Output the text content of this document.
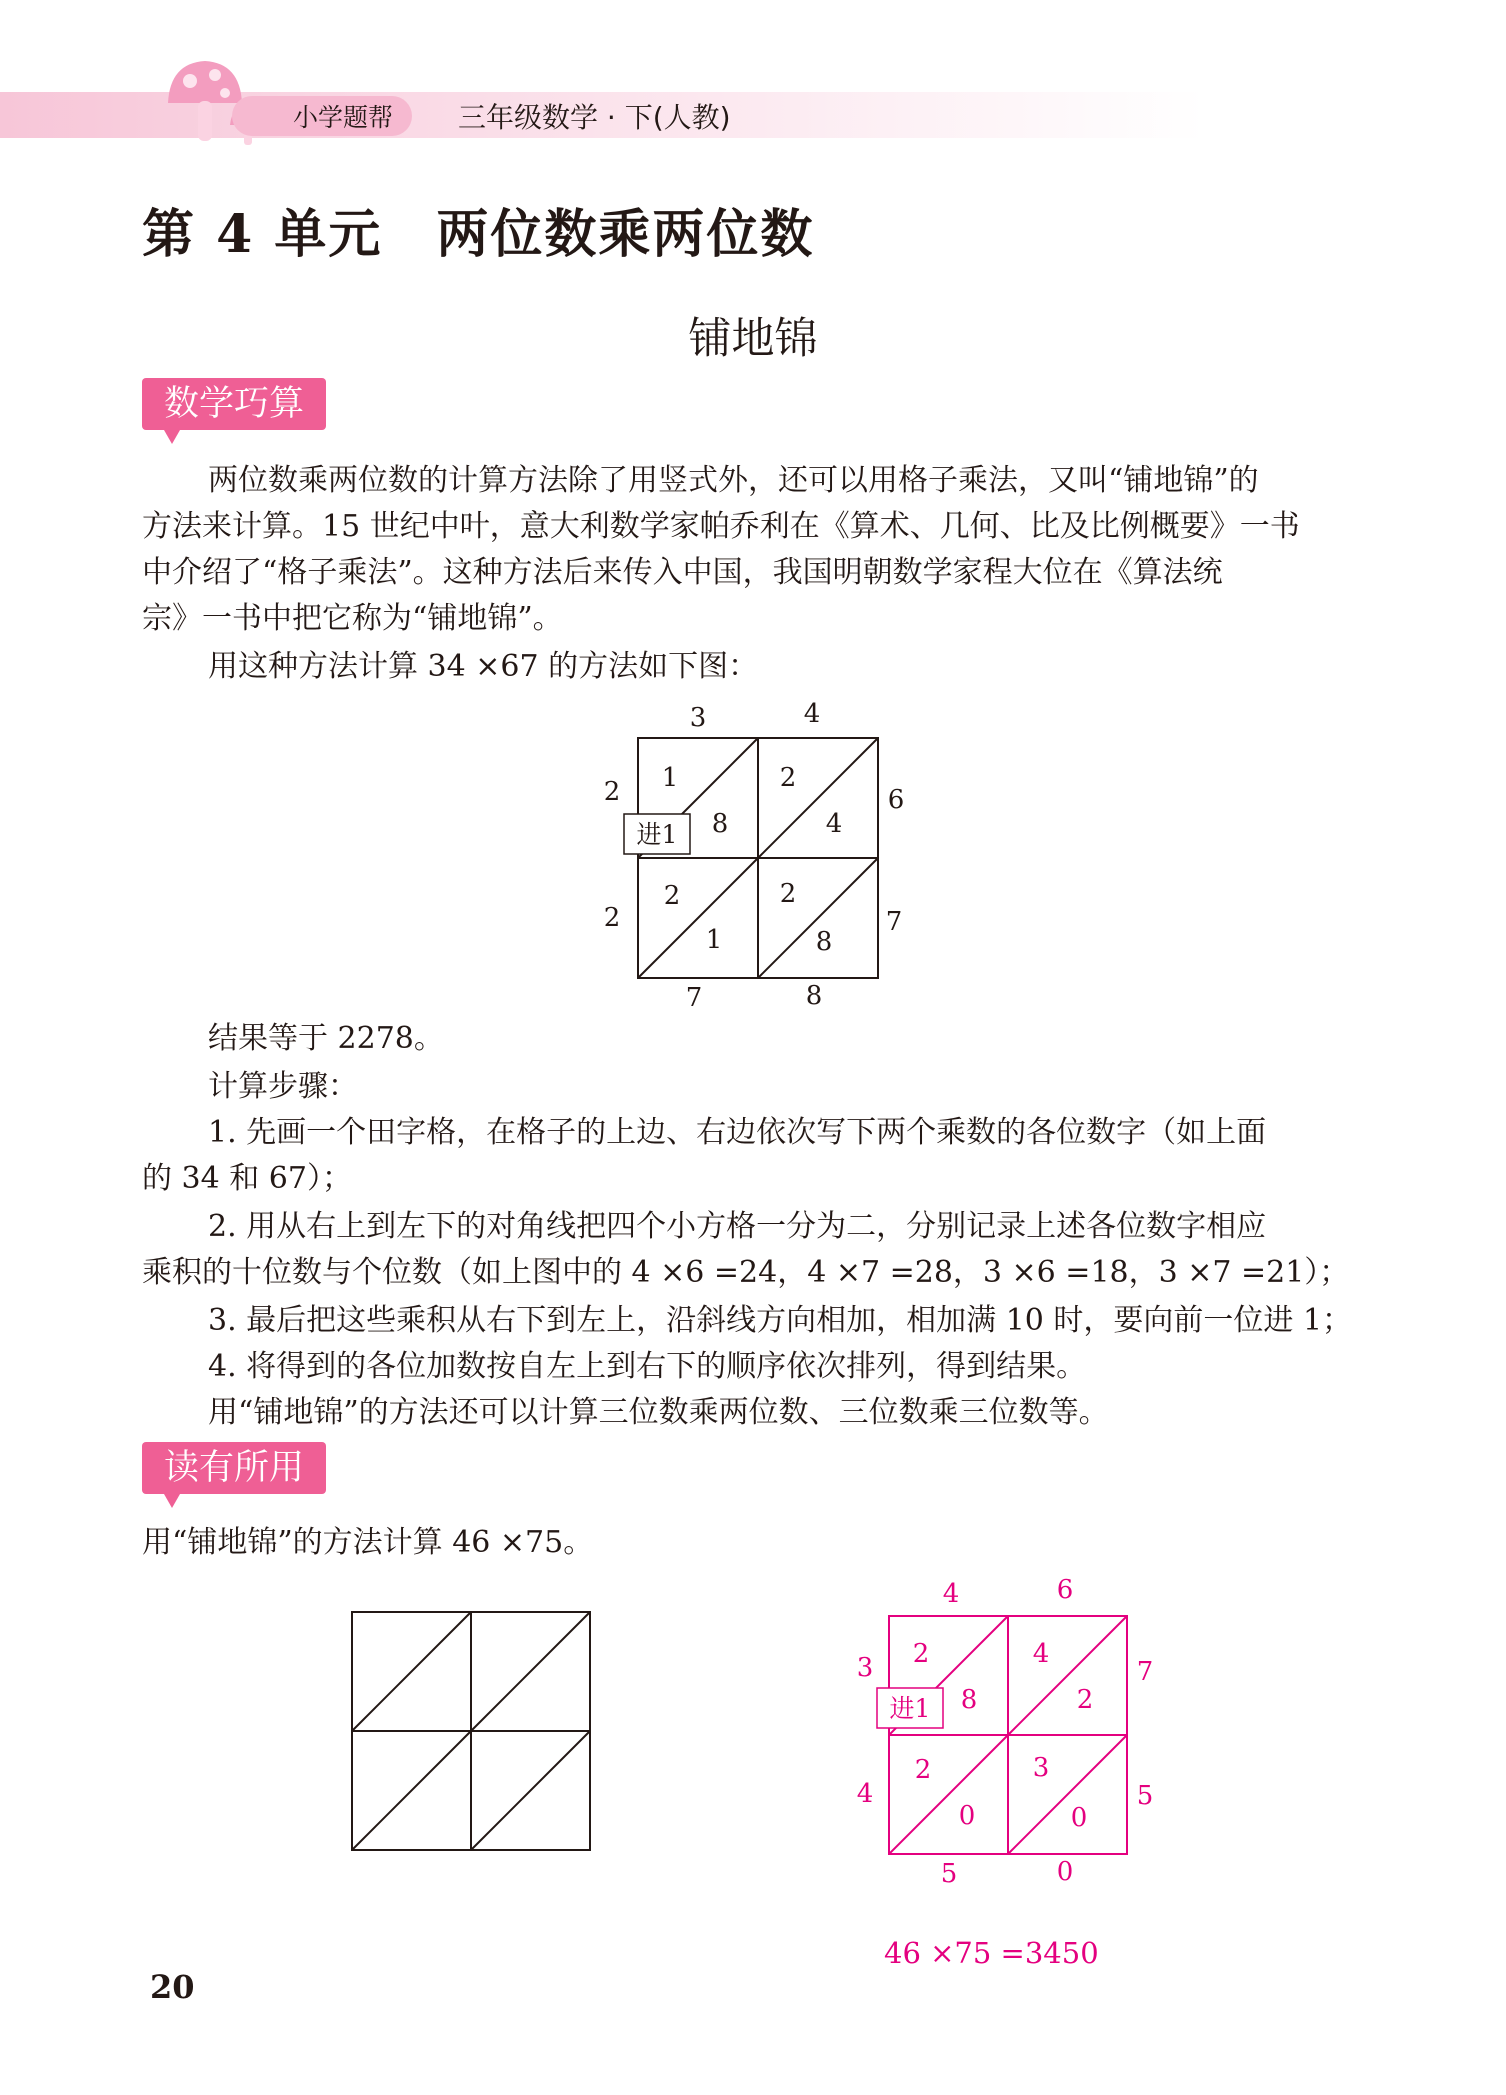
小学题帮 三年级数学 · 下(人教)
第 4 单元　两位数乘两位数
铺地锦
数学巧算

两位数乘两位数的计算方法除了用竖式外，还可以用格子乘法，又叫“铺地锦”的

方法来计算。15 世纪中叶，意大利数学家帕乔利在《算术、几何、比及比例概要》一书

中介绍了“格子乘法”。这种方法后来传入中国，我国明朝数学家程大位在《算法统

宗》一书中把它称为“铺地锦”。

用这种方法计算 34 ×67 的方法如下图：

3	4
6
7
2
2
7	8
1
8
2
4
2
1
2
8
进1

结果等于 2278。

计算步骤：

1. 先画一个田字格，在格子的上边、右边依次写下两个乘数的各位数字（如上面

的 34 和 67）；

2. 用从右上到左下的对角线把四个小方格一分为二，分别记录上述各位数字相应

乘积的十位数与个位数（如上图中的 4 ×6 =24，4 ×7 =28，3 ×6 =18，3 ×7 =21）；

3. 最后把这些乘积从右下到左上，沿斜线方向相加，相加满 10 时，要向前一位进 1；

4. 将得到的各位加数按自左上到右下的顺序依次排列，得到结果。

用“铺地锦”的方法还可以计算三位数乘两位数、三位数乘三位数等。

读有所用

用“铺地锦”的方法计算 46 ×75。

4	6
7
5
3
4
5	0
2
8
4
2
2
0
3
0
进1
46 ×75 =3450
20
